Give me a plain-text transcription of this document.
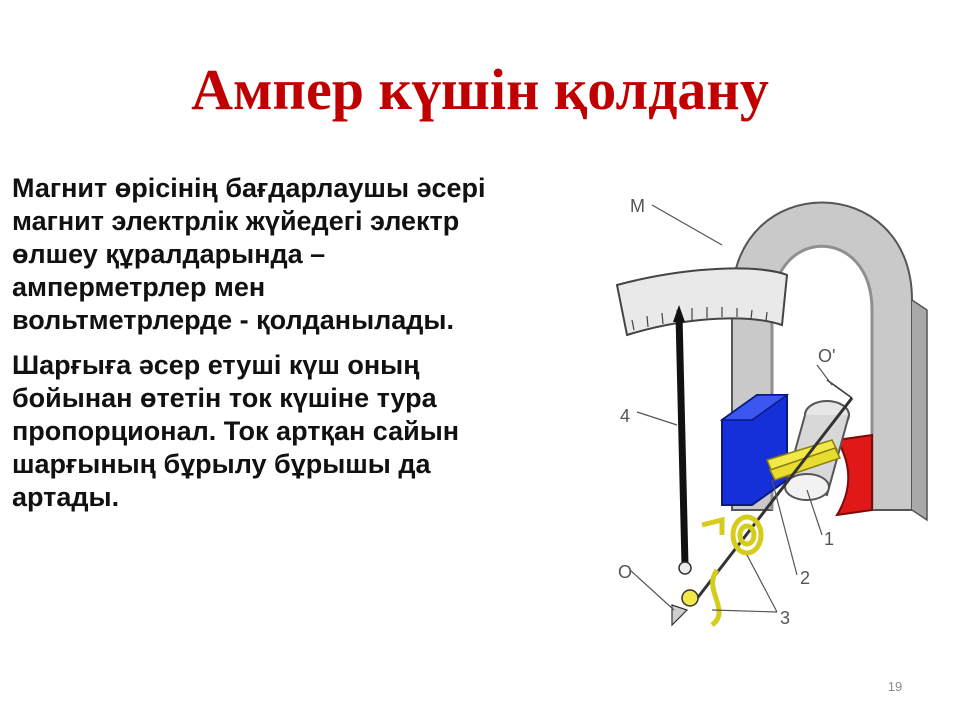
Ампер күшін қолдану

Магнит өрісінің бағдарлаушы әсері
магнит электрлік жүйедегі электр
өлшеу құралдарында –
амперметрлер мен
вольтметрлерде - қолданылады.

Шарғыға әсер етуші күш оның
бойынан өтетін ток күшіне тура
пропорционал. Ток артқан сайын
шарғының бұрылу бұрышы да
артады.

М
O'
4
O
1
2
3
19
